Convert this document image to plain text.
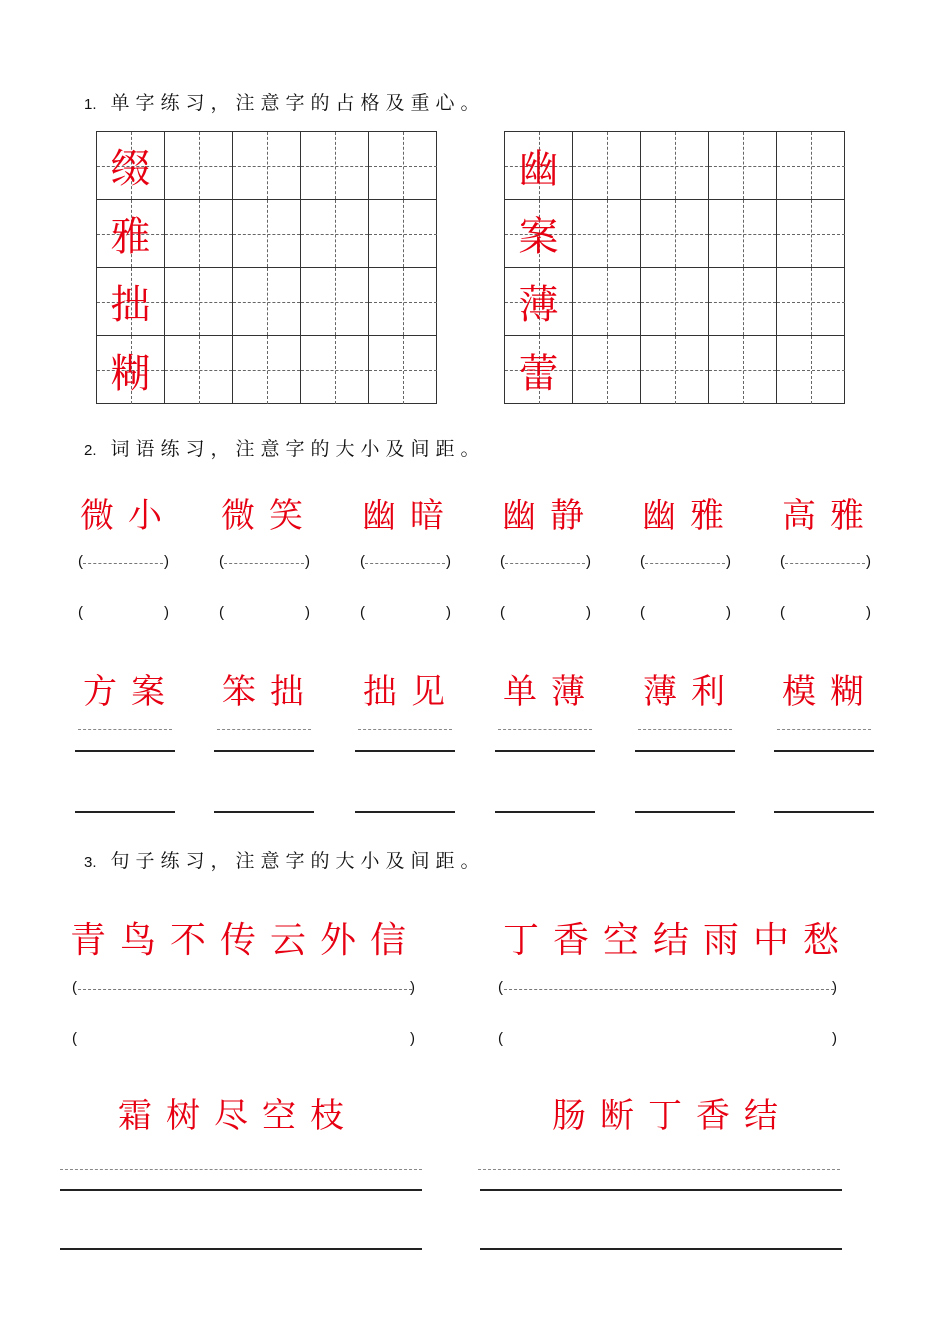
1. 单字练习，注意字的占格及重心。
缀
雅
拙
糊
幽
案
薄
蕾
2. 词语练习，注意字的大小及间距。
微小
(	)
(	)
微笑
(	)
(	)
幽暗
(	)
(	)
幽静
(	)
(	)
幽雅
(	)
(	)
高雅
(	)
(	)
方案 笨拙 拙见 单薄 薄利 模糊
3. 句子练习，注意字的大小及间距。
青鸟不传云外信 丁香空结雨中愁
(	)
(	)
(	)
(	)
霜树尽空枝	肠断丁香结
